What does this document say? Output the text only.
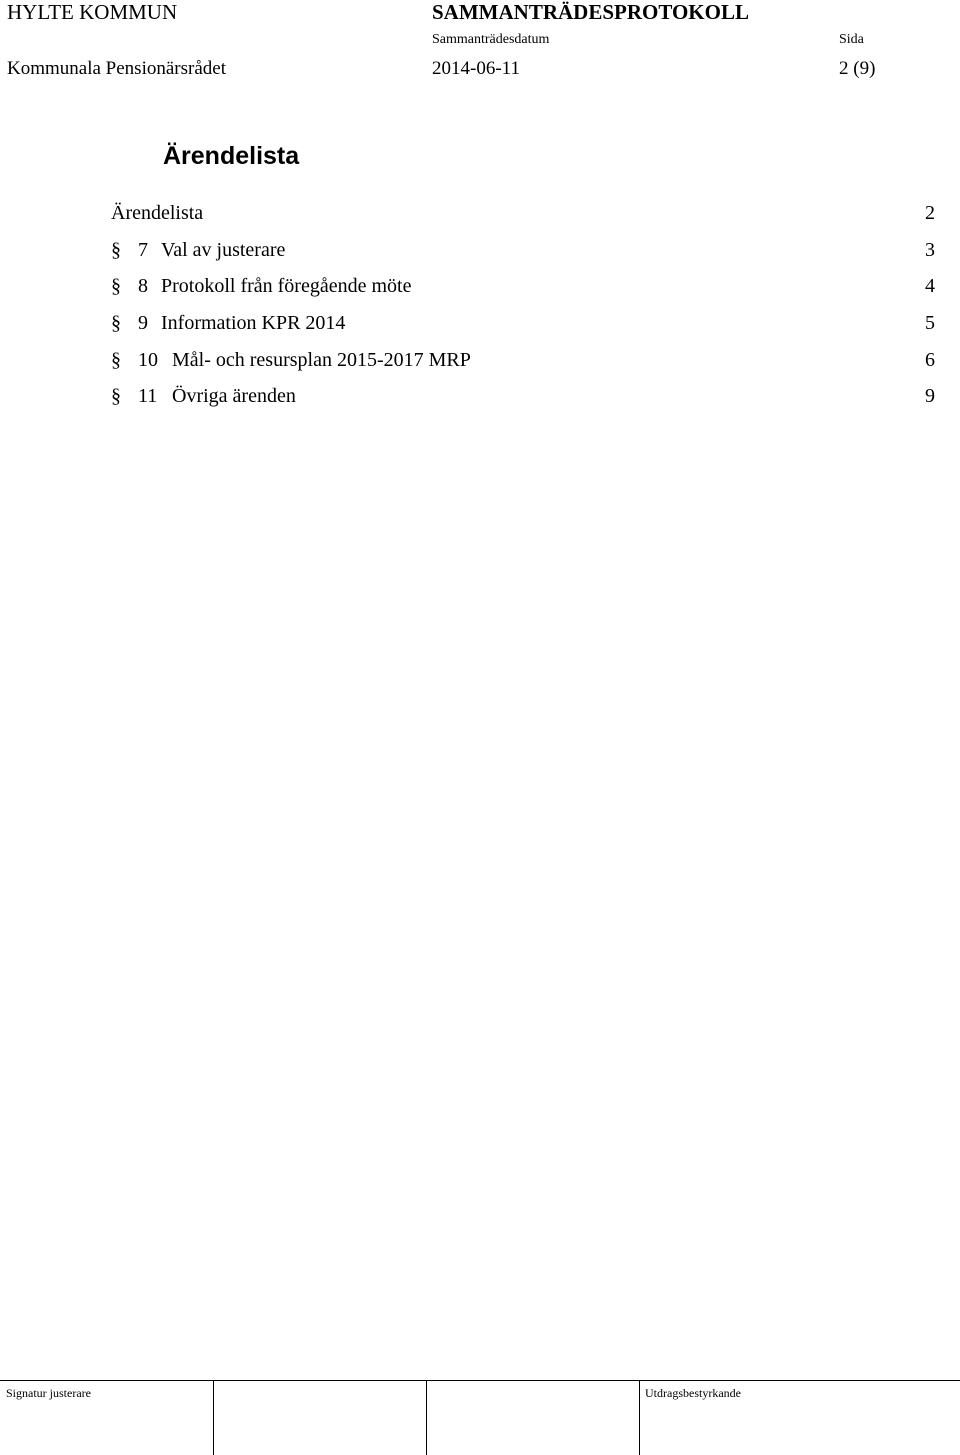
HYLTE KOMMUN	SAMMANTRÄDESPROTOKOLL
Sammanträdesdatum	Sida
Kommunala Pensionärsrådet	2014-06-11	2 (9)
Ärendelista
Ärendelista	2
§ 7 Val av justerare	3
§ 8 Protokoll från föregående möte	4
§ 9 Information KPR 2014	5
§ 10 Mål- och resursplan 2015-2017 MRP	6
§ 11 Övriga ärenden	9
Signatur justerare	Utdragsbestyrkande
